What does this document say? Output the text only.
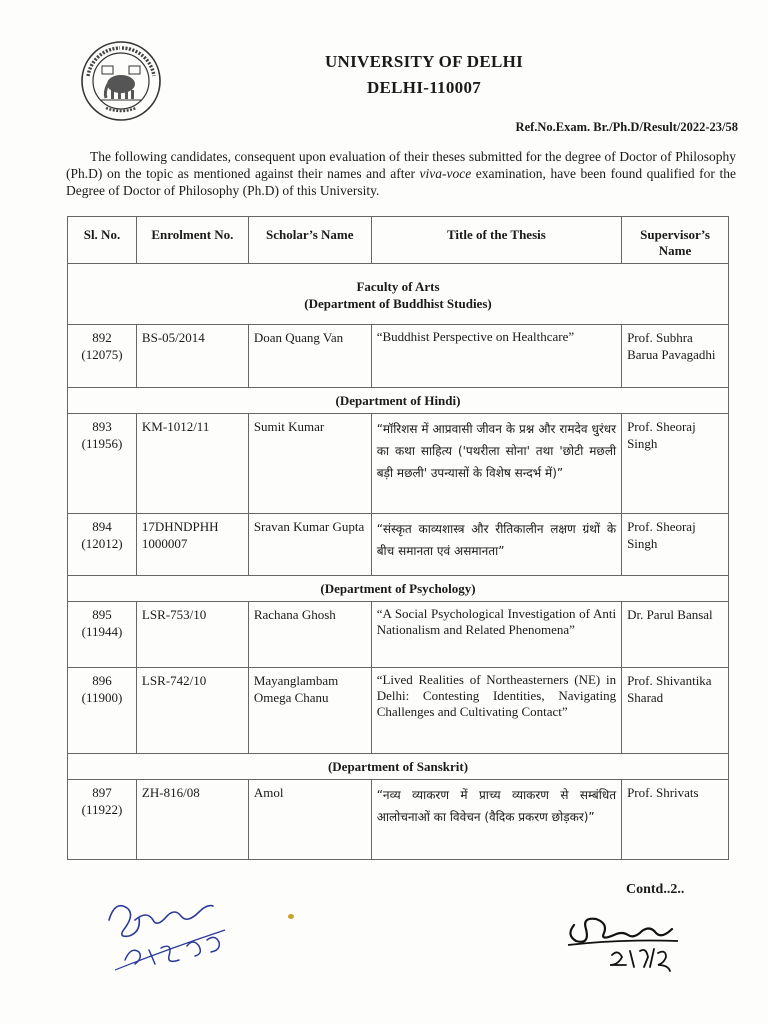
UNIVERSITY OF DELHI
DELHI-110007
Ref.No.Exam. Br./Ph.D/Result/2022-23/58
The following candidates, consequent upon evaluation of their theses submitted for the degree of Doctor of Philosophy (Ph.D) on the topic as mentioned against their names and after viva-voce examination, have been found qualified for the Degree of Doctor of Philosophy (Ph.D) of this University.
Sl. No.	Enrolment No.	Scholar’s Name	Title of the Thesis	Supervisor’s Name

Faculty of Arts
(Department of Buddhist Studies)				

892
(12075)	BS-05/2014	Doan Quang Van	“Buddhist Perspective on Healthcare”	Prof. Subhra Barua Pavagadhi
(Department of Hindi)				

893
(11956)	KM-1012/11	Sumit Kumar	“मॉरिशस में आप्रवासी जीवन के प्रश्न और रामदेव धुरंधर का कथा साहित्य ('पथरीला सोना' तथा 'छोटी मछली बड़ी मछली' उपन्यासों के विशेष सन्दर्भ में)”	Prof. Sheoraj Singh

894
(12012)	17DHNDPHH 1000007	Sravan Kumar Gupta	“संस्कृत काव्यशास्त्र और रीतिकालीन लक्षण ग्रंथों के बीच समानता एवं असमानता”	Prof. Sheoraj Singh
(Department of Psychology)				

895
(11944)	LSR-753/10	Rachana Ghosh	“A Social Psychological Investigation of Anti Nationalism and Related Phenomena”	Dr. Parul Bansal

896
(11900)	LSR-742/10	Mayanglambam Omega Chanu	“Lived Realities of Northeasterners (NE) in Delhi: Contesting Identities, Navigating Challenges and Cultivating Contact”	Prof. Shivantika Sharad
(Department of Sanskrit)				

897
(11922)	ZH-816/08	Amol	“नव्य व्याकरण में प्राच्य व्याकरण से सम्बंधित आलोचनाओं का विवेचन (वैदिक प्रकरण छोड़कर)”	Prof. Shrivats
Contd..2..
